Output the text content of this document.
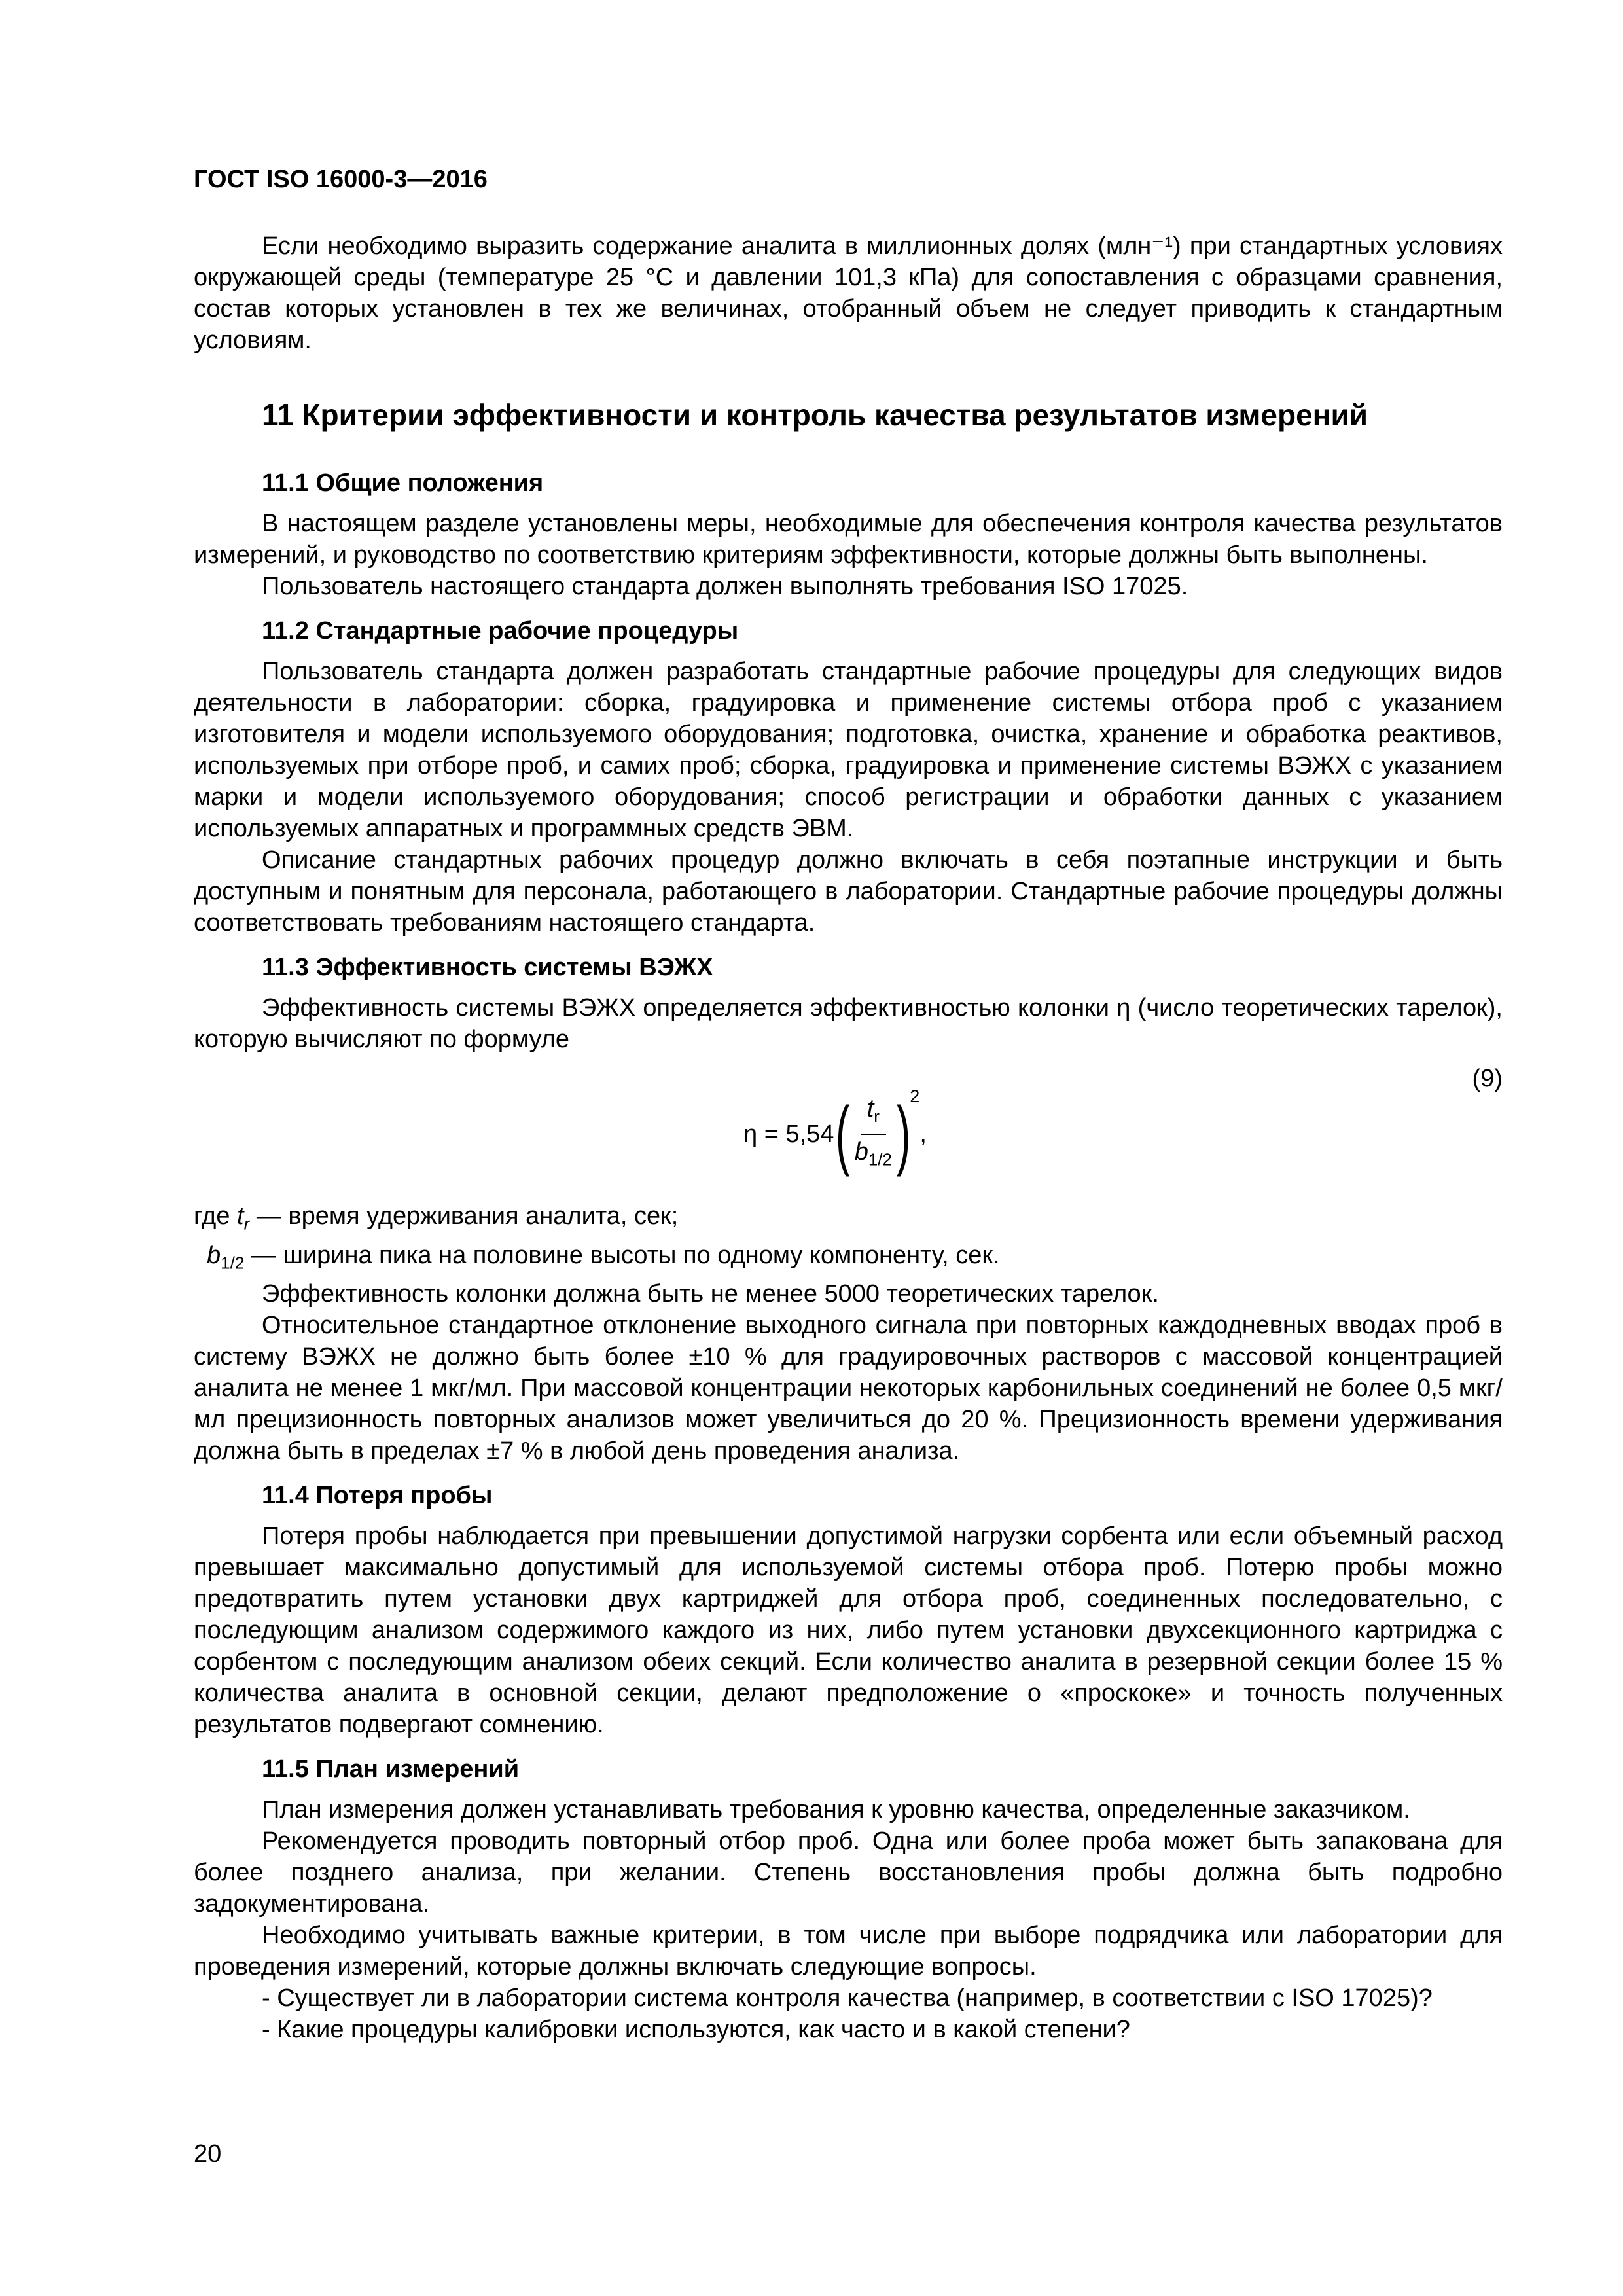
ГОСТ ISO 16000-3—2016

Если необходимо выразить содержание аналита в миллионных долях (млн⁻¹) при стандартных условиях окружающей среды (температуре 25 °С и давлении 101,3 кПа) для сопоставления с образцами сравнения, состав которых установлен в тех же величинах, отобранный объем не следует приводить к стандартным условиям.

11 Критерии эффективности и контроль качества результатов измерений
11.1 Общие положения

В настоящем разделе установлены меры, необходимые для обеспечения контроля качества результатов измерений, и руководство по соответствию критериям эффективности, которые должны быть выполнены.

Пользователь настоящего стандарта должен выполнять требования ISO 17025.

11.2 Стандартные рабочие процедуры

Пользователь стандарта должен разработать стандартные рабочие процедуры для следующих видов деятельности в лаборатории: сборка, градуировка и применение системы отбора проб с указанием изготовителя и модели используемого оборудования; подготовка, очистка, хранение и обработка реактивов, используемых при отборе проб, и самих проб; сборка, градуировка и применение системы ВЭЖХ с указанием марки и модели используемого оборудования; способ регистрации и обработки данных с указанием используемых аппаратных и программных средств ЭВМ.

Описание стандартных рабочих процедур должно включать в себя поэтапные инструкции и быть доступным и понятным для персонала, работающего в лаборатории. Стандартные рабочие процедуры должны соответствовать требованиям настоящего стандарта.

11.3 Эффективность системы ВЭЖХ

Эффективность системы ВЭЖХ определяется эффективностью колонки η (число теоретических тарелок), которую вычисляют по формуле

η = 5,54 ( $\frac{t_r}{b_{1/2}}$ )
2
,
(9)

где $t_r$ — время удерживания аналита, сек;

$b_{1/2}$ — ширина пика на половине высоты по одному компоненту, сек.

Эффективность колонки должна быть не менее 5000 теоретических тарелок.

Относительное стандартное отклонение выходного сигнала при повторных каждодневных вводах проб в систему ВЭЖХ не должно быть более ±10 % для градуировочных растворов с массовой концентрацией аналита не менее 1 мкг/мл. При массовой концентрации некоторых карбонильных соединений не более 0,5 мкг/мл прецизионность повторных анализов может увеличиться до 20 %. Прецизионность времени удерживания должна быть в пределах ±7 % в любой день проведения анализа.

11.4 Потеря пробы

Потеря пробы наблюдается при превышении допустимой нагрузки сорбента или если объемный расход превышает максимально допустимый для используемой системы отбора проб. Потерю пробы можно предотвратить путем установки двух картриджей для отбора проб, соединенных последовательно, с последующим анализом содержимого каждого из них, либо путем установки двухсекционного картриджа с сорбентом с последующим анализом обеих секций. Если количество аналита в резервной секции более 15 % количества аналита в основной секции, делают предположение о «проскоке» и точность полученных результатов подвергают сомнению.

11.5 План измерений

План измерения должен устанавливать требования к уровню качества, определенные заказчиком.

Рекомендуется проводить повторный отбор проб. Одна или более проба может быть запакована для более позднего анализа, при желании. Степень восстановления пробы должна быть подробно задокументирована.

Необходимо учитывать важные критерии, в том числе при выборе подрядчика или лаборатории для проведения измерений, которые должны включать следующие вопросы.

- Существует ли в лаборатории система контроля качества (например, в соответствии с ISO 17025)?

- Какие процедуры калибровки используются, как часто и в какой степени?

20
